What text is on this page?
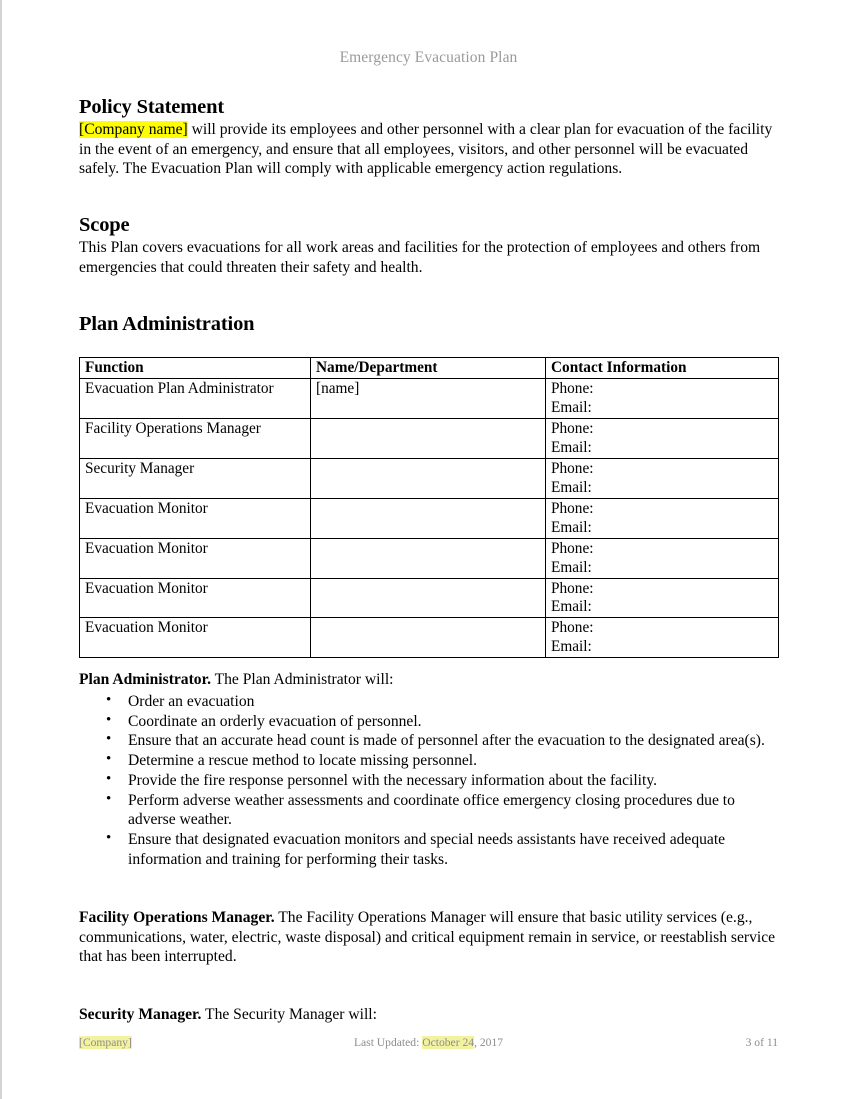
Emergency Evacuation Plan
Policy Statement

[Company name] will provide its employees and other personnel with a clear plan for evacuation of the facility in the event of an emergency, and ensure that all employees, visitors, and other personnel will be evacuated safely. The Evacuation Plan will comply with applicable emergency action regulations.

Scope

This Plan covers evacuations for all work areas and facilities for the protection of employees and others from emergencies that could threaten their safety and health.

Plan Administration
Function	Name/Department	Contact Information
Evacuation Plan Administrator	[name]	Phone:
Email:

Facility Operations Manager		Phone:
Email:

Security Manager		Phone:
Email:

Evacuation Monitor		Phone:
Email:

Evacuation Monitor		Phone:
Email:

Evacuation Monitor		Phone:
Email:

Evacuation Monitor		Phone:
Email:

Plan Administrator. The Plan Administrator will:

• Order an evacuation
• Coordinate an orderly evacuation of personnel.
• Ensure that an accurate head count is made of personnel after the evacuation to the designated area(s).
• Determine a rescue method to locate missing personnel.
• Provide the fire response personnel with the necessary information about the facility.
• Perform adverse weather assessments and coordinate office emergency closing procedures due to adverse weather.
• Ensure that designated evacuation monitors and special needs assistants have received adequate information and training for performing their tasks.

Facility Operations Manager. The Facility Operations Manager will ensure that basic utility services (e.g., communications, water, electric, waste disposal) and critical equipment remain in service, or reestablish service that has been interrupted.

Security Manager. The Security Manager will:

[Company]	Last Updated: October 24, 2017	3 of 11
